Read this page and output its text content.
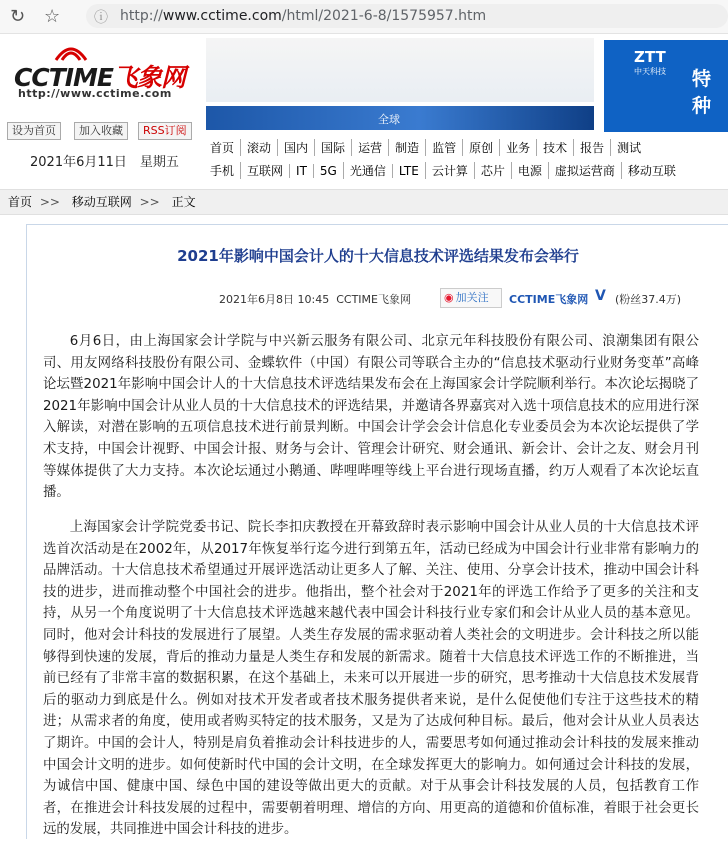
↻ ☆ ⓘ http://www.cctime.com/html/2021-6-8/1575957.htm
CCTIME飞象网
http://www.cctime.com
设为首页	加入收藏	RSS订阅
2021年6月11日　星期五
全球
ZTT
中天科技 特种
首页 滚动 国内 国际 运营 制造 监管 原创 业务 技术 报告 测试
手机 互联网 IT 5G 光通信 LTE 云计算 芯片 电源 虚拟运营商 移动互联
首页 >> 移动互联网 >> 正文
2021年影响中国会计人的十大信息技术评选结果发布会举行
2021年6月8日 10:45 CCTIME飞象网	◉ 加关注	CCTIME飞象网 V (粉丝37.4万)
6月6日，由上海国家会计学院与中兴新云服务有限公司、北京元年科技股份有限公司、浪潮集团有限公司、用友网络科技股份有限公司、金蝶软件（中国）有限公司等联合主办的“信息技术驱动行业财务变革”高峰论坛暨2021年影响中国会计人的十大信息技术评选结果发布会在上海国家会计学院顺利举行。本次论坛揭晓了2021年影响中国会计从业人员的十大信息技术的评选结果，并邀请各界嘉宾对入选十项信息技术的应用进行深入解读，对潜在影响的五项信息技术进行前景判断。中国会计学会会计信息化专业委员会为本次论坛提供了学术支持，中国会计视野、中国会计报、财务与会计、管理会计研究、财会通讯、新会计、会计之友、财会月刊等媒体提供了大力支持。本次论坛通过小鹅通、哔哩哔哩等线上平台进行现场直播，约万人观看了本次论坛直播。
上海国家会计学院党委书记、院长李扣庆教授在开幕致辞时表示影响中国会计从业人员的十大信息技术评选首次活动是在2002年，从2017年恢复举行迄今进行到第五年，活动已经成为中国会计行业非常有影响力的品牌活动。十大信息技术希望通过开展评选活动让更多人了解、关注、使用、分享会计技术，推动中国会计科技的进步，进而推动整个中国社会的进步。他指出，整个社会对于2021年的评选工作给予了更多的关注和支持，从另一个角度说明了十大信息技术评选越来越代表中国会计科技行业专家们和会计从业人员的基本意见。同时，他对会计科技的发展进行了展望。人类生存发展的需求驱动着人类社会的文明进步。会计科技之所以能够得到快速的发展，背后的推动力量是人类生存和发展的新需求。随着十大信息技术评选工作的不断推进，当前已经有了非常丰富的数据积累，在这个基础上，未来可以开展进一步的研究，思考推动十大信息技术发展背后的驱动力到底是什么。例如对技术开发者或者技术服务提供者来说，是什么促使他们专注于这些技术的精进；从需求者的角度，使用或者购买特定的技术服务，又是为了达成何种目标。最后，他对会计从业人员表达了期许。中国的会计人，特别是肩负着推动会计科技进步的人，需要思考如何通过推动会计科技的发展来推动中国会计文明的进步。如何使新时代中国的会计文明，在全球发挥更大的影响力。如何通过会计科技的发展，为诚信中国、健康中国、绿色中国的建设等做出更大的贡献。对于从事会计科技发展的人员，包括教育工作者，在推进会计科技发展的过程中，需要朝着明理、增信的方向、用更高的道德和价值标准，着眼于社会更长远的发展，共同推进中国会计科技的进步。
